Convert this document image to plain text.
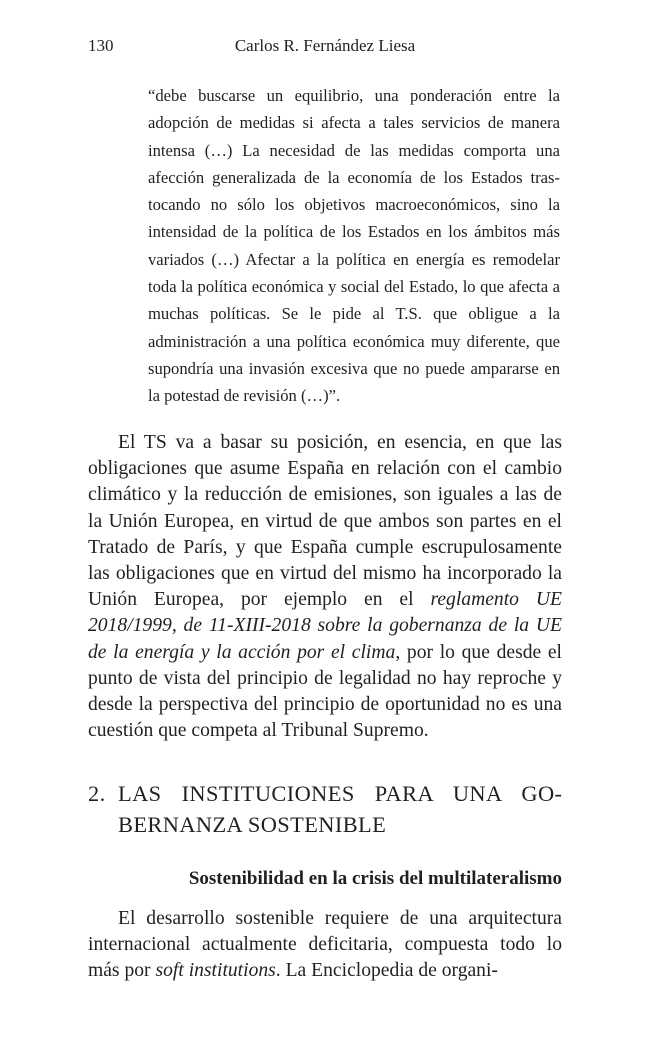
130	Carlos R. Fernández Liesa

“debe buscarse un equilibrio, una ponderación entre la adopción de medidas si afecta a tales servicios de manera intensa (…) La necesidad de las medidas comporta una afección generalizada de la economía de los Estados trastocando no sólo los objetivos macroeconómicos, sino la intensidad de la política de los Estados en los ámbitos más variados (…) Afectar a la política en energía es remodelar toda la política económica y social del Estado, lo que afecta a muchas políticas. Se le pide al T.S. que obligue a la administración a una política económica muy diferente, que supondría una invasión excesiva que no puede ampararse en la potestad de revisión (…)”.

El TS va a basar su posición, en esencia, en que las obligaciones que asume España en relación con el cambio climático y la reducción de emisiones, son iguales a las de la Unión Europea, en virtud de que ambos son partes en el Tratado de París, y que España cumple escrupulosamente las obligaciones que en virtud del mismo ha incorporado la Unión Europea, por ejemplo en el reglamento UE 2018/1999, de 11-XIII-2018 sobre la gobernanza de la UE de la energía y la acción por el clima, por lo que desde el punto de vista del principio de legalidad no hay reproche y desde la perspectiva del principio de oportunidad no es una cuestión que competa al Tribunal Supremo.

2. LAS INSTITUCIONES PARA UNA GOBERNANZA SOSTENIBLE
Sostenibilidad en la crisis del multilateralismo

El desarrollo sostenible requiere de una arquitectura internacional actualmente deficitaria, compuesta todo lo más por soft institutions. La Enciclopedia de organi-
